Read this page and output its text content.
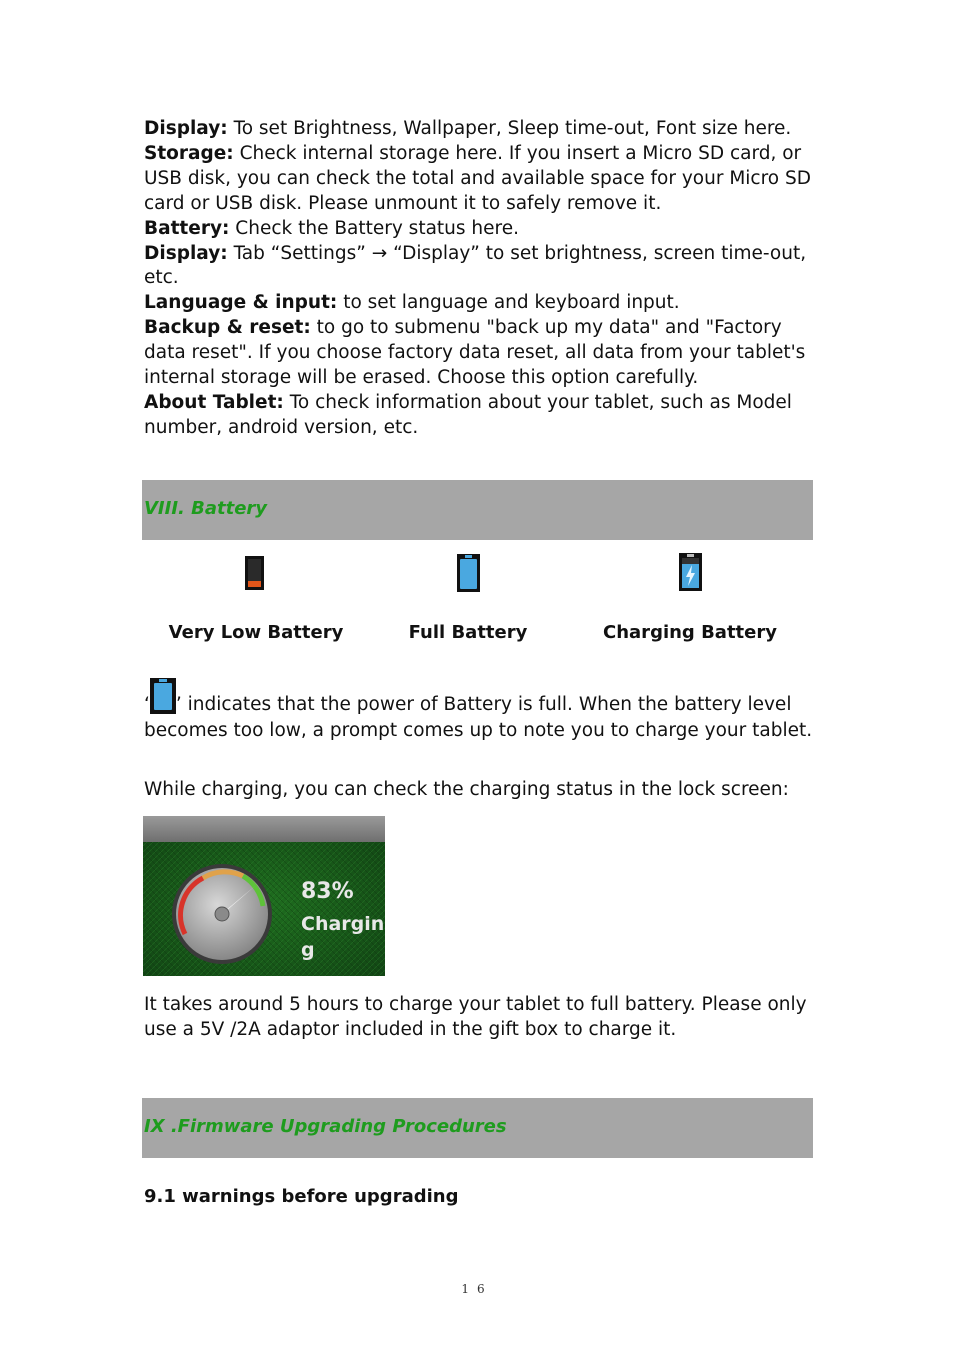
Display: To set Brightness, Wallpaper, Sleep time-out, Font size here.

Storage: Check internal storage here. If you insert a Micro SD card, or USB disk, you can check the total and available space for your Micro SD card or USB disk. Please unmount it to safely remove it.

Battery: Check the Battery status here.

Display: Tab “Settings” → “Display” to set brightness, screen time-out, etc.

Language & input: to set language and keyboard input.

Backup & reset: to go to submenu "back up my data" and "Factory data reset". If you choose factory data reset, all data from your tablet's internal storage will be erased. Choose this option carefully.

About Tablet: To check information about your tablet, such as Model number, android version, etc.

VIII. Battery
Very Low Battery	Full Battery	Charging Battery
‘ ’ indicates that the power of Battery is full. When the battery level becomes too low, a prompt comes up to note you to charge your tablet.
While charging, you can check the charging status in the lock screen:
83%
Chargin
g
It takes around 5 hours to charge your tablet to full battery. Please only use a 5V /2A adaptor included in the gift box to charge it.
IX .Firmware Upgrading Procedures
9.1 warnings before upgrading
16
